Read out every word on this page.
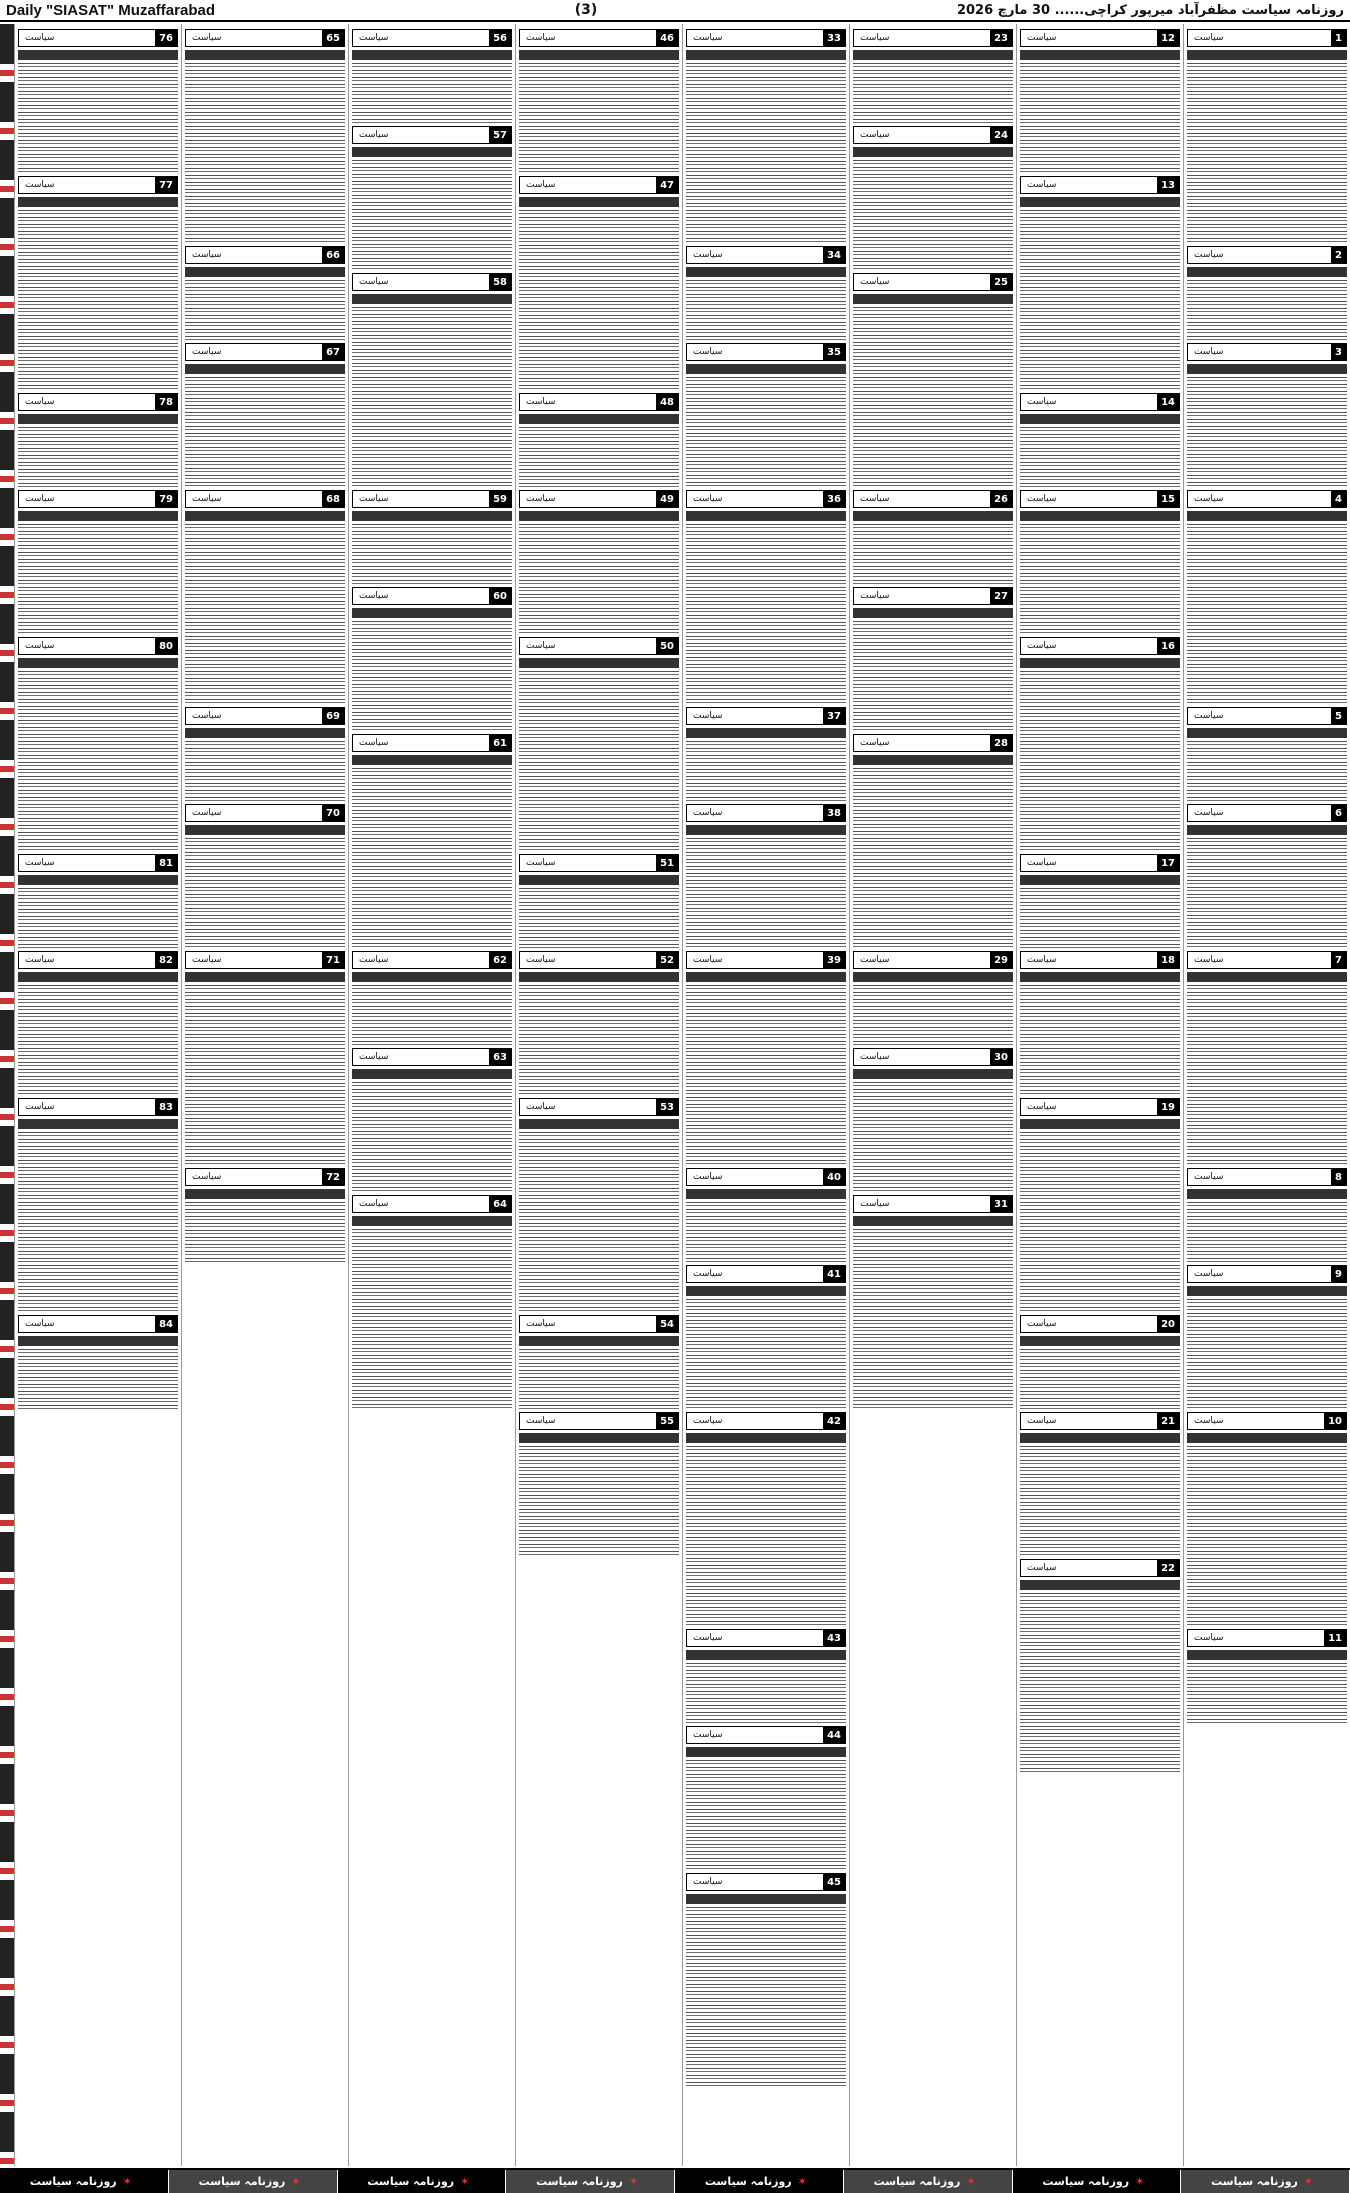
Daily "SIASAT" Muzaffarabad	(3)	روزنامہ سیاست مظفرآباد میرپور کراچی...... 30 مارچ 2026
سیاست	76
سیاست	77
سیاست	78
سیاست	79
سیاست	80
سیاست	81
سیاست	82
سیاست	83
سیاست	84
سیاست	65
سیاست	66
سیاست	67
سیاست	68
سیاست	69
سیاست	70
سیاست	71
سیاست	72
سیاست	56
سیاست	57
سیاست	58
سیاست	59
سیاست	60
سیاست	61
سیاست	62
سیاست	63
سیاست	64
سیاست	46
سیاست	47
سیاست	48
سیاست	49
سیاست	50
سیاست	51
سیاست	52
سیاست	53
سیاست	54
سیاست	55
سیاست	33
سیاست	34
سیاست	35
سیاست	36
سیاست	37
سیاست	38
سیاست	39
سیاست	40
سیاست	41
سیاست	42
سیاست	43
سیاست	44
سیاست	45
سیاست	23
سیاست	24
سیاست	25
سیاست	26
سیاست	27
سیاست	28
سیاست	29
سیاست	30
سیاست	31
سیاست	12
سیاست	13
سیاست	14
سیاست	15
سیاست	16
سیاست	17
سیاست	18
سیاست	19
سیاست	20
سیاست	21
سیاست	22
سیاست	1
سیاست	2
سیاست	3
سیاست	4
سیاست	5
سیاست	6
سیاست	7
سیاست	8
سیاست	9
سیاست	10
سیاست	11
✶
روزنامہ سیاست	✶
روزنامہ سیاست	✶
روزنامہ سیاست	✶
روزنامہ سیاست	✶
روزنامہ سیاست	✶
روزنامہ سیاست	✶
روزنامہ سیاست	✶
روزنامہ سیاست
